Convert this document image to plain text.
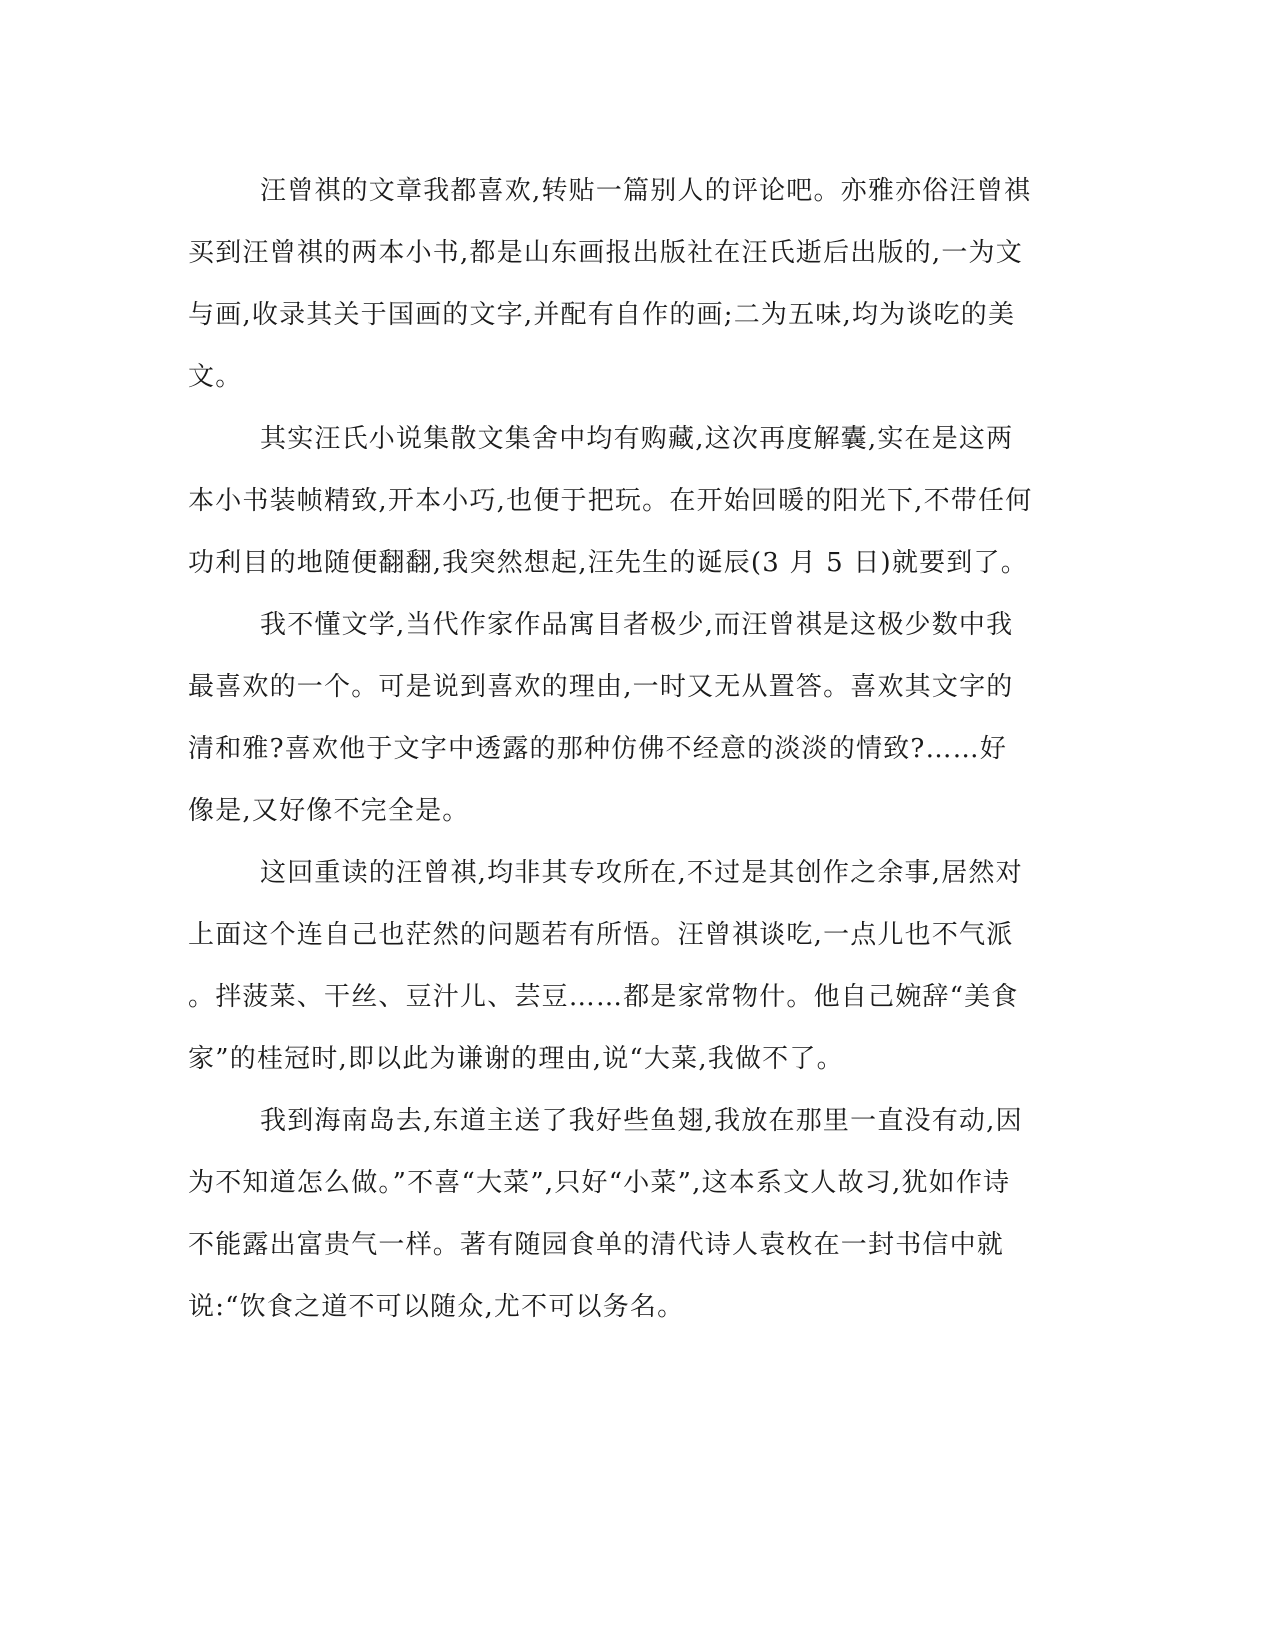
汪曾祺的文章我都喜欢,转贴一篇别人的评论吧。亦雅亦俗汪曾祺
买到汪曾祺的两本小书,都是山东画报出版社在汪氏逝后出版的,一为文
与画,收录其关于国画的文字,并配有自作的画;二为五味,均为谈吃的美
文。
其实汪氏小说集散文集舍中均有购藏,这次再度解囊,实在是这两
本小书装帧精致,开本小巧,也便于把玩。在开始回暖的阳光下,不带任何
功利目的地随便翻翻,我突然想起,汪先生的诞辰(3 月 5 日)就要到了。
我不懂文学,当代作家作品寓目者极少,而汪曾祺是这极少数中我
最喜欢的一个。可是说到喜欢的理由,一时又无从置答。喜欢其文字的
清和雅?喜欢他于文字中透露的那种仿佛不经意的淡淡的情致?……好
像是,又好像不完全是。
这回重读的汪曾祺,均非其专攻所在,不过是其创作之余事,居然对
上面这个连自己也茫然的问题若有所悟。汪曾祺谈吃,一点儿也不气派
。拌菠菜、干丝、豆汁儿、芸豆……都是家常物什。他自己婉辞“美食
家”的桂冠时,即以此为谦谢的理由,说“大菜,我做不了。
我到海南岛去,东道主送了我好些鱼翅,我放在那里一直没有动,因
为不知道怎么做。”不喜“大菜”,只好“小菜”,这本系文人故习,犹如作诗
不能露出富贵气一样。著有随园食单的清代诗人袁枚在一封书信中就
说:“饮食之道不可以随众,尤不可以务名。
